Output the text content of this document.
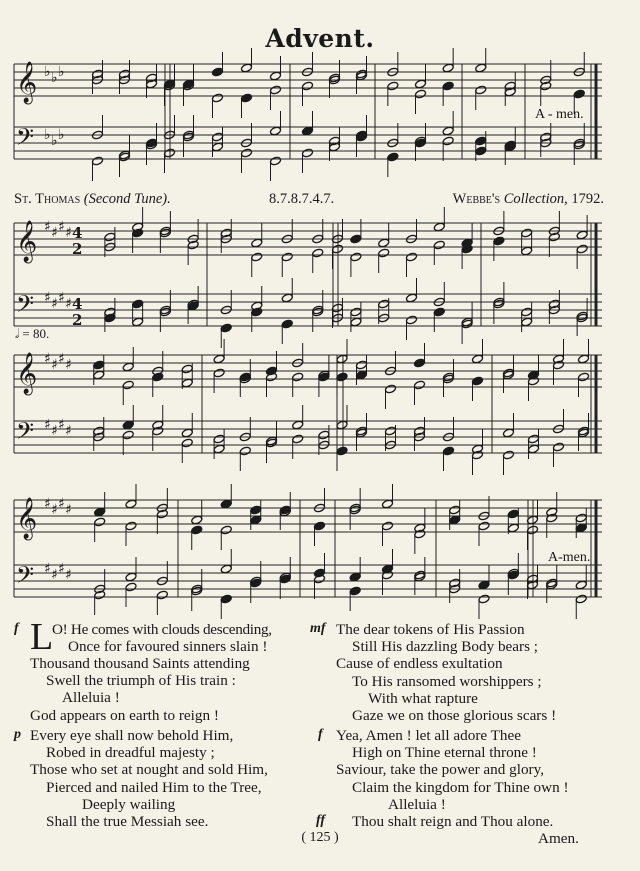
Advent.
𝄞 ♭ ♭ ♭
𝄢 ♭ ♭ ♭
𝄞 ♯ ♯ ♯ ♯
𝄢 ♯ ♯ ♯ ♯
𝄞 ♯ ♯ ♯ ♯
𝄢 ♯ ♯ ♯ ♯
𝄞 ♯ ♯ ♯ ♯
𝄢 ♯ ♯ ♯ ♯
4
2
4
2
A - men.
St. Thomas (Second Tune).	8.7.8.7.4.7.	Webbe's Collection, 1792.
𝅗𝅥 = 80.
A-men.
f L
O! He comes with clouds descending,
Once for favoured sinners slain !
Thousand thousand Saints attending
Swell the triumph of His train :
Alleluia !
God appears on earth to reign !
mf The dear tokens of His Passion
Still His dazzling Body bears ;
Cause of endless exultation
To His ransomed worshippers ;
With what rapture
Gaze we on those glorious scars !
p Every eye shall now behold Him,
Robed in dreadful majesty ;
Those who set at nought and sold Him,
Pierced and nailed Him to the Tree,
Deeply wailing
Shall the true Messiah see.
f Yea, Amen ! let all adore Thee
High on Thine eternal throne !
Saviour, take the power and glory,
Claim the kingdom for Thine own !
Alleluia !
ff Thou shalt reign and Thou alone.
Amen.
( 125 )
